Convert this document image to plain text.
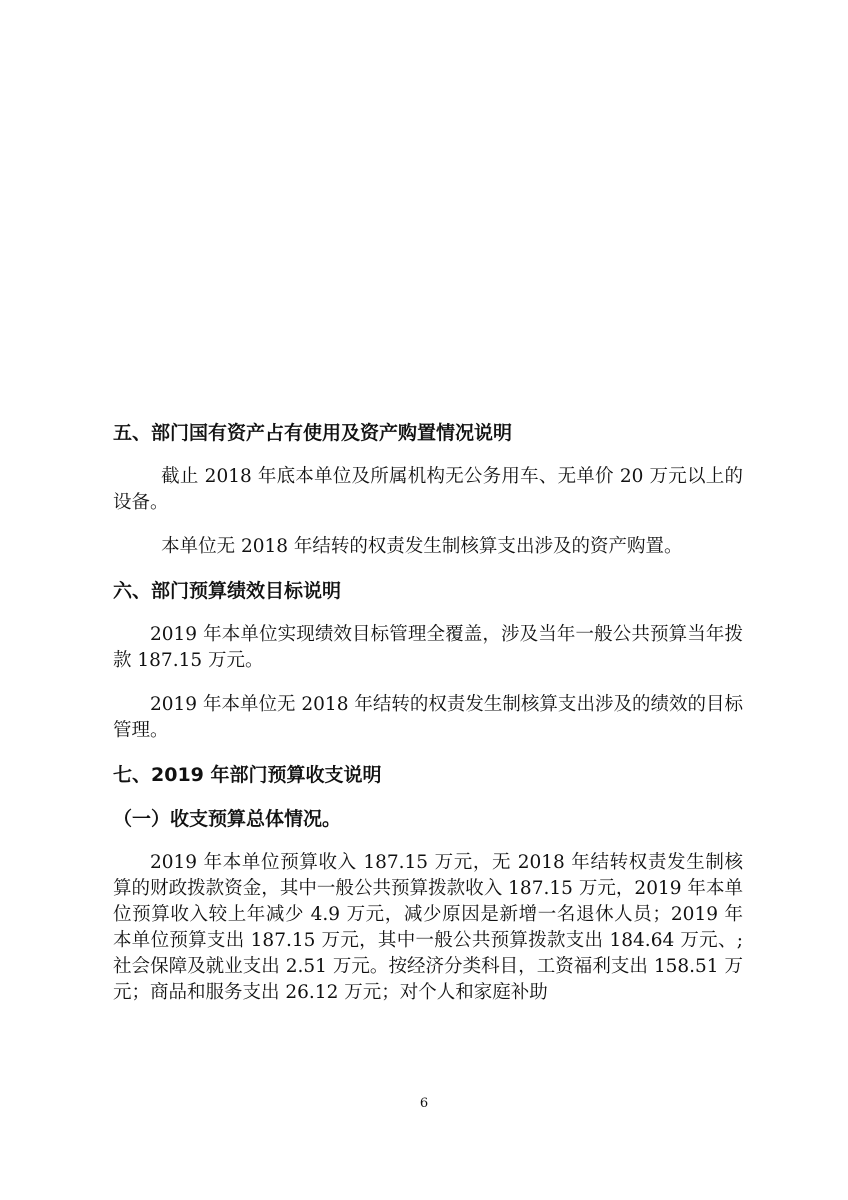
五、部门国有资产占有使用及资产购置情况说明

截止 2018 年底本单位及所属机构无公务用车、无单价 20 万元以上的设备。

本单位无 2018 年结转的权责发生制核算支出涉及的资产购置。

六、部门预算绩效目标说明

2019 年本单位实现绩效目标管理全覆盖，涉及当年一般公共预算当年拨款 187.15 万元。

2019 年本单位无 2018 年结转的权责发生制核算支出涉及的绩效的目标管理。

七、2019 年部门预算收支说明

（一）收支预算总体情况。

2019 年本单位预算收入 187.15 万元，无 2018 年结转权责发生制核算的财政拨款资金，其中一般公共预算拨款收入 187.15 万元，2019 年本单位预算收入较上年减少 4.9 万元，减少原因是新增一名退休人员；2019 年本单位预算支出 187.15 万元，其中一般公共预算拨款支出 184.64 万元、;社会保障及就业支出 2.51 万元。按经济分类科目，工资福利支出 158.51 万元；商品和服务支出 26.12 万元；对个人和家庭补助

6
